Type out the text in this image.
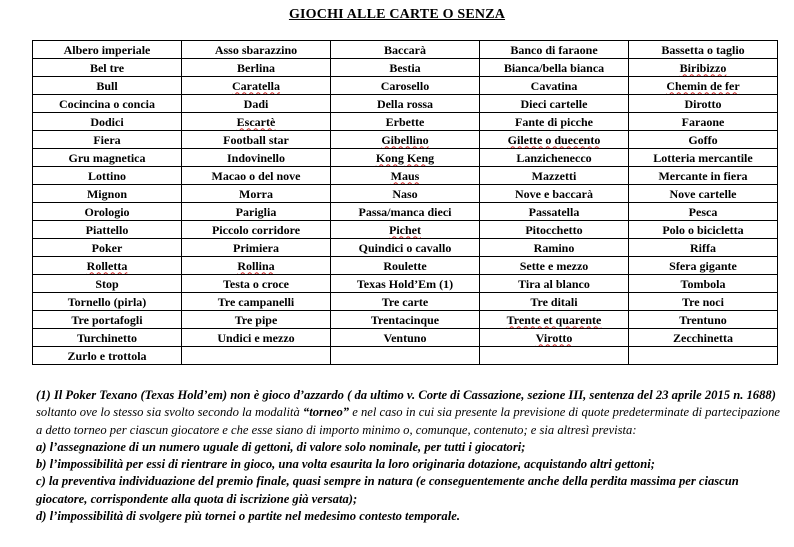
GIOCHI ALLE CARTE O SENZA
Albero imperiale	Asso sbarazzino	Baccarà	Banco di faraone	Bassetta o taglio
Bel tre	Berlina	Bestia	Bianca/bella bianca	Biribizzo
Bull	Caratella	Carosello	Cavatina	Chemin de fer
Cocincina o concia	Dadi	Della rossa	Dieci cartelle	Dirotto
Dodici	Escartè	Erbette	Fante di picche	Faraone
Fiera	Football star	Gibellino	Gilette o duecento	Goffo
Gru magnetica	Indovinello	Kong Keng	Lanzichenecco	Lotteria mercantile
Lottino	Macao o del nove	Maus	Mazzetti	Mercante in fiera
Mignon	Morra	Naso	Nove e baccarà	Nove cartelle
Orologio	Pariglia	Passa/manca dieci	Passatella	Pesca
Piattello	Piccolo corridore	Pichet	Pitocchetto	Polo o bicicletta
Poker	Primiera	Quindici o cavallo	Ramino	Riffa
Rolletta	Rollina	Roulette	Sette e mezzo	Sfera gigante
Stop	Testa o croce	Texas Hold’Em (1)	Tira al blanco	Tombola
Tornello (pirla)	Tre campanelli	Tre carte	Tre ditali	Tre noci
Tre portafogli	Tre pipe	Trentacinque	Trente et quarente	Trentuno
Turchinetto	Undici e mezzo	Ventuno	Virotto	Zecchinetta
Zurlo e trottola				

(1) Il Poker Texano (Texas Hold’em) non è gioco d’azzardo ( da ultimo v. Corte di Cassazione, sezione III, sentenza del 23 aprile 2015 n. 1688) soltanto ove lo stesso sia svolto secondo la modalità “torneo” e nel caso in cui sia presente la previsione di quote predeterminate di partecipazione a detto torneo per ciascun giocatore e che esse siano di importo minimo o, comunque, contenuto; e sia altresì prevista:

a) l’assegnazione di un numero uguale di gettoni, di valore solo nominale, per tutti i giocatori;

b) l’impossibilità per essi di rientrare in gioco, una volta esaurita la loro originaria dotazione, acquistando altri gettoni;

c) la preventiva individuazione del premio finale, quasi sempre in natura (e conseguentemente anche della perdita massima per ciascun giocatore, corrispondente alla quota di iscrizione già versata);

d) l’impossibilità di svolgere più tornei o partite nel medesimo contesto temporale.
